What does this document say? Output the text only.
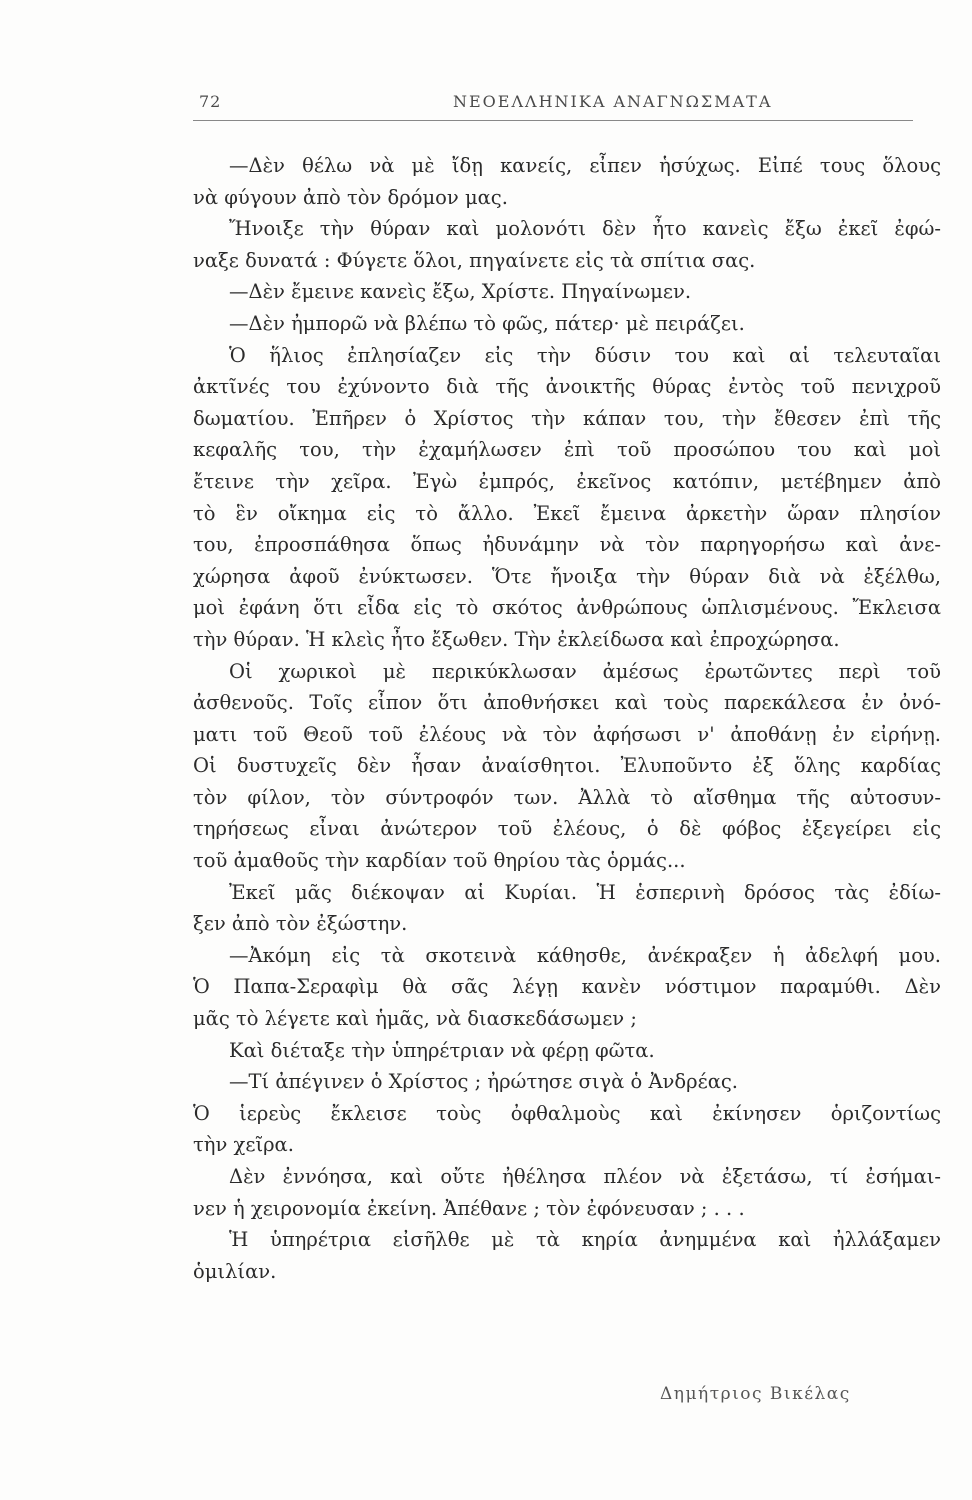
72	ΝΕΟΕΛΛΗΝΙΚΑ ΑΝΑΓΝΩΣΜΑΤΑ
—Δὲν θέλω νὰ μὲ ἴδῃ κανείς, εἶπεν ἡσύχως. Εἰπέ τους ὅλους
νὰ φύγουν ἀπὸ τὸν δρόμον μας.
Ἤνοιξε τὴν θύραν καὶ μολονότι δὲν ἦτο κανεὶς ἔξω ἐκεῖ ἐφώ-
ναξε δυνατά : Φύγετε ὅλοι, πηγαίνετε εἰς τὰ σπίτια σας.
—Δὲν ἔμεινε κανεὶς ἔξω, Χρίστε. Πηγαίνωμεν.
—Δὲν ἠμπορῶ νὰ βλέπω τὸ φῶς, πάτερ· μὲ πειράζει.
Ὁ ἥλιος ἐπλησίαζεν εἰς τὴν δύσιν του καὶ αἱ τελευταῖαι
ἀκτῖνές του ἐχύνοντο διὰ τῆς ἀνοικτῆς θύρας ἐντὸς τοῦ πενιχροῦ
δωματίου. Ἐπῆρεν ὁ Χρίστος τὴν κάπαν του, τὴν ἔθεσεν ἐπὶ τῆς
κεφαλῆς του, τὴν ἐχαμήλωσεν ἐπὶ τοῦ προσώπου του καὶ μοὶ
ἔτεινε τὴν χεῖρα. Ἐγὼ ἐμπρός, ἐκεῖνος κατόπιν, μετέβημεν ἀπὸ
τὸ ἓν οἴκημα εἰς τὸ ἄλλο. Ἐκεῖ ἔμεινα ἀρκετὴν ὥραν πλησίον
του, ἐπροσπάθησα ὅπως ἠδυνάμην νὰ τὸν παρηγορήσω καὶ ἀνε-
χώρησα ἀφοῦ ἐνύκτωσεν. Ὅτε ἤνοιξα τὴν θύραν διὰ νὰ ἐξέλθω,
μοὶ ἐφάνη ὅτι εἶδα εἰς τὸ σκότος ἀνθρώπους ὡπλισμένους. Ἔκλεισα
τὴν θύραν. Ἡ κλεὶς ἦτο ἔξωθεν. Τὴν ἐκλείδωσα καὶ ἐπροχώρησα.
Οἱ χωρικοὶ μὲ περικύκλωσαν ἀμέσως ἐρωτῶντες περὶ τοῦ
ἀσθενοῦς. Τοῖς εἶπον ὅτι ἀποθνήσκει καὶ τοὺς παρεκάλεσα ἐν ὀνό-
ματι τοῦ Θεοῦ τοῦ ἐλέους νὰ τὸν ἀφήσωσι ν' ἀποθάνῃ ἐν εἰρήνῃ.
Οἱ δυστυχεῖς δὲν ἦσαν ἀναίσθητοι. Ἐλυποῦντο ἐξ ὅλης καρδίας
τὸν φίλον, τὸν σύντροφόν των. Ἀλλὰ τὸ αἴσθημα τῆς αὐτοσυν-
τηρήσεως εἶναι ἀνώτερον τοῦ ἐλέους, ὁ δὲ φόβος ἐξεγείρει εἰς
τοῦ ἀμαθοῦς τὴν καρδίαν τοῦ θηρίου τὰς ὁρμάς...
Ἐκεῖ μᾶς διέκοψαν αἱ Κυρίαι. Ἡ ἑσπερινὴ δρόσος τὰς ἐδίω-
ξεν ἀπὸ τὸν ἐξώστην.
—Ἀκόμη εἰς τὰ σκοτεινὰ κάθησθε, ἀνέκραξεν ἡ ἀδελφή μου.
Ὁ Παπα-Σεραφὶμ θὰ σᾶς λέγῃ κανὲν νόστιμον παραμύθι. Δὲν
μᾶς τὸ λέγετε καὶ ἡμᾶς, νὰ διασκεδάσωμεν ;
Καὶ διέταξε τὴν ὑπηρέτριαν νὰ φέρῃ φῶτα.
—Τί ἀπέγινεν ὁ Χρίστος ; ἠρώτησε σιγὰ ὁ Ἀνδρέας.
Ὁ ἱερεὺς ἔκλεισε τοὺς ὀφθαλμοὺς καὶ ἐκίνησεν ὁριζοντίως
τὴν χεῖρα.
Δὲν ἐννόησα, καὶ οὔτε ἠθέλησα πλέον νὰ ἐξετάσω, τί ἐσήμαι-
νεν ἡ χειρονομία ἐκείνη. Ἀπέθανε ; τὸν ἐφόνευσαν ; . . .
Ἡ ὑπηρέτρια εἰσῆλθε μὲ τὰ κηρία ἀνημμένα καὶ ἠλλάξαμεν
ὁμιλίαν.
Δημήτριος Βικέλας
